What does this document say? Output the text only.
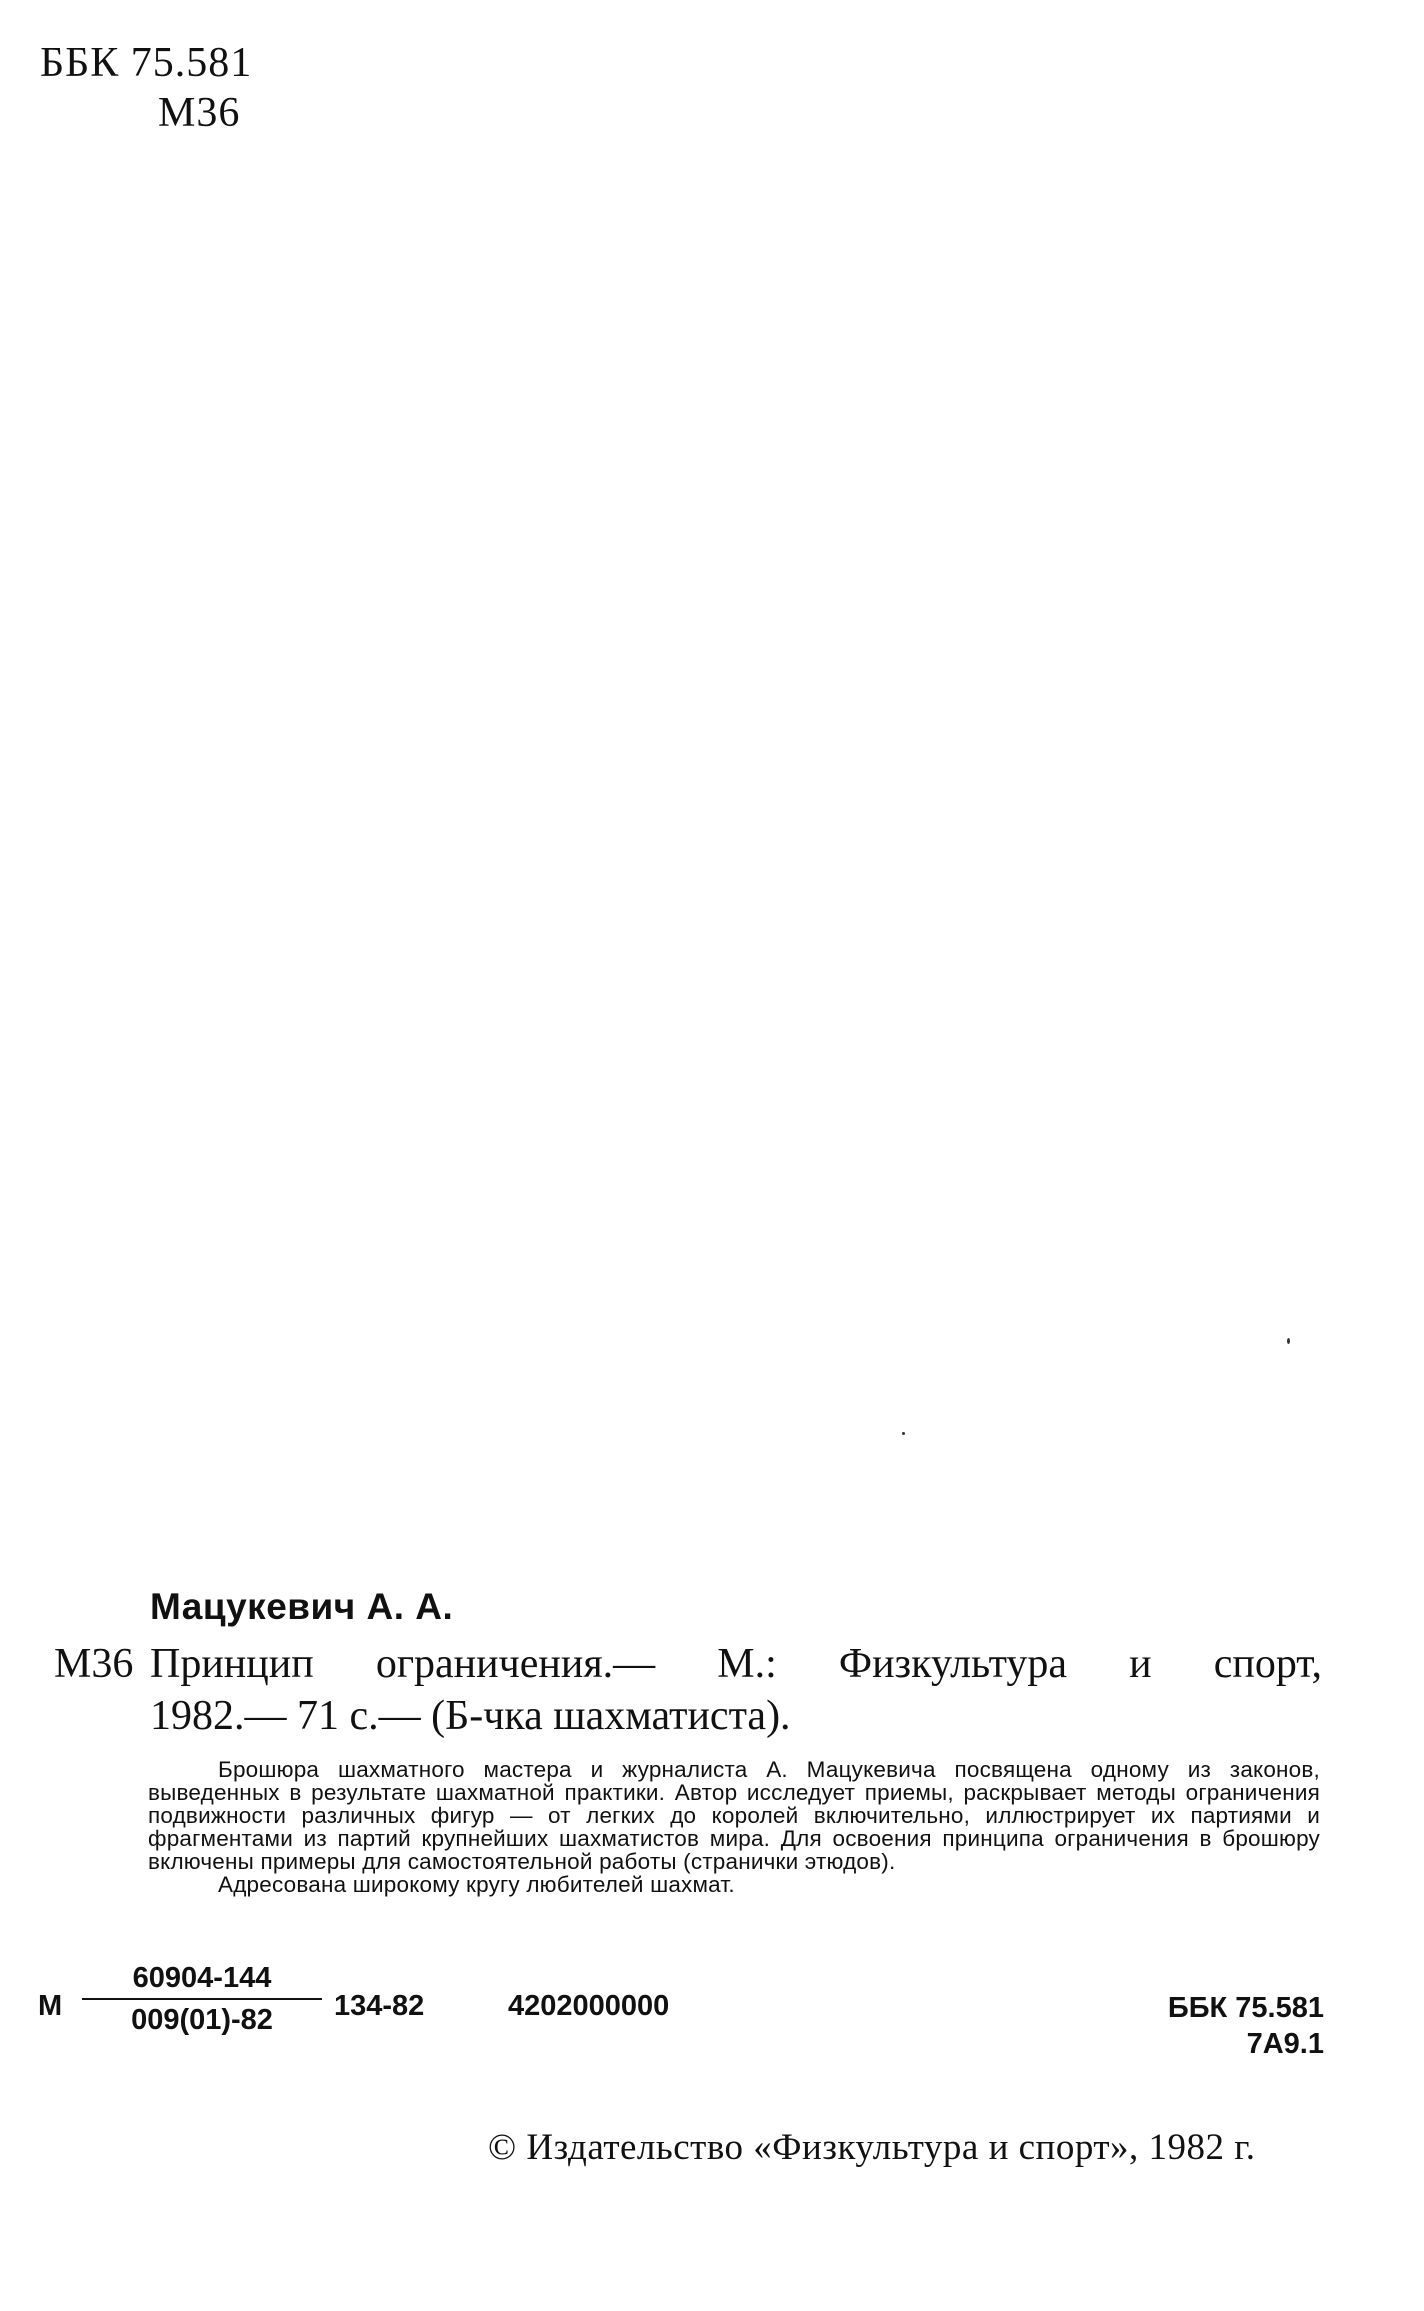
ББК 75.581
М36
Мацукевич А. А.
М36 Принцип ограничения.— М.: Физкультура и спорт,
1982.— 71 с.— (Б-чка шахматиста).

Брошюра шахматного мастера и журналиста А. Мацукевича посвящена одному из законов, выведенных в результате шахматной практики. Автор исследует приемы, раскрывает методы ограничения подвижности различных фигур — от легких до королей включительно, иллюстрирует их партиями и фрагментами из партий крупнейших шахматистов мира. Для освоения принципа ограничения в брошюру включены примеры для самостоятельной работы (странички этюдов).

Адресована широкому кругу любителей шахмат.

М
60904-144
009(01)-82	134-82	4202000000	ББК 75.581
7А9.1
© Издательство «Физкультура и спорт», 1982 г.
